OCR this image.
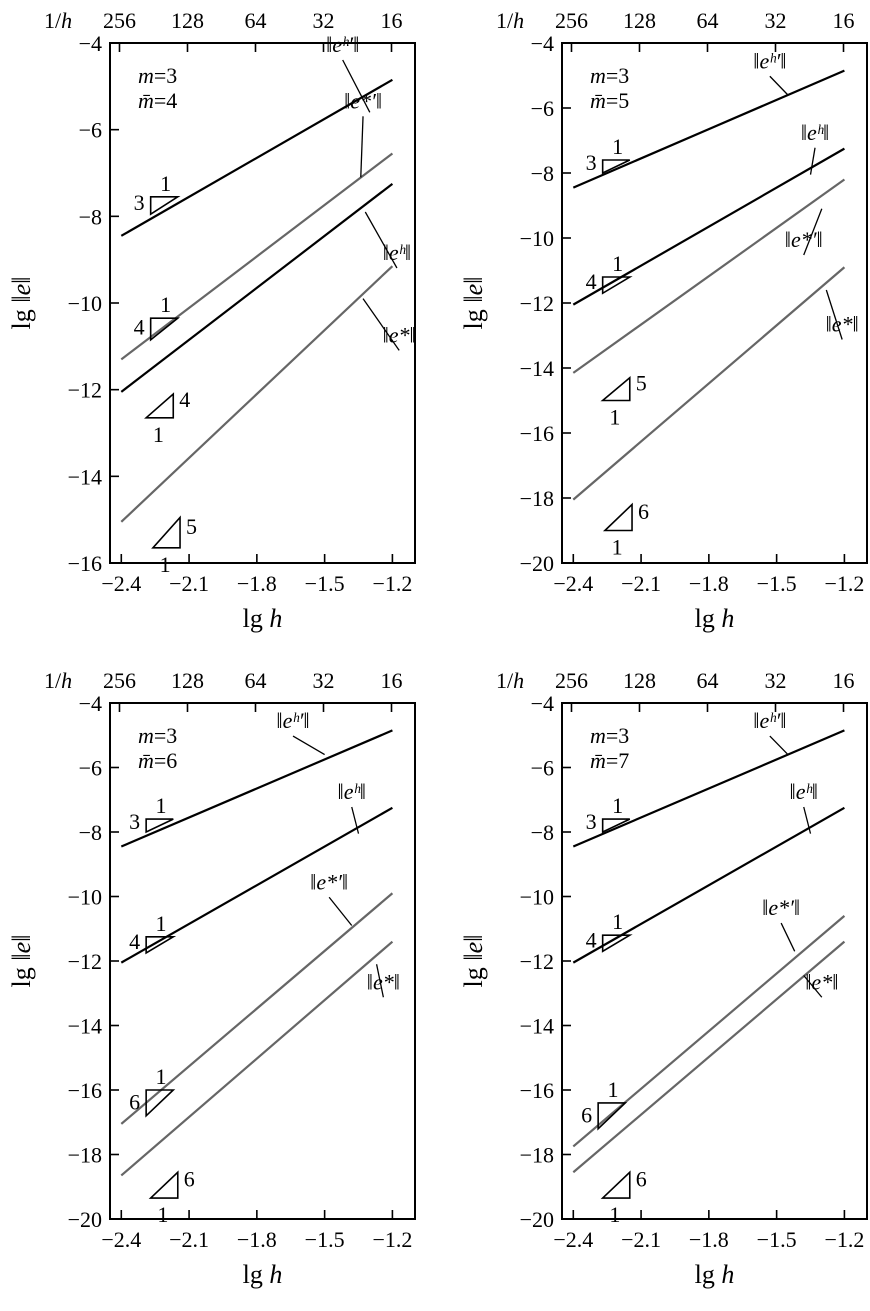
−2.4 −2.1 −1.8 −1.5 −1.2
lg h
−16
−14
−12
−10
−8
−6
−4
lg ‖e‖
256 128 64 32 16
1/h
m=3
m̄=4
‖eʰ′‖
‖e*′‖
‖eʰ‖
‖e*‖
1
3
1
4
1
4
1
5
−2.4 −2.1 −1.8 −1.5 −1.2
lg h
−20
−18
−16
−14
−12
−10
−8
−6
−4
lg ‖e‖
256 128 64 32 16
1/h
m=3
m̄=5
‖eʰ′‖
‖eʰ‖
‖e*′‖
‖e*‖
1
3
1
4
1
5
1
6
−2.4 −2.1 −1.8 −1.5 −1.2
lg h
−20
−18
−16
−14
−12
−10
−8
−6
−4
lg ‖e‖
256 128 64 32 16
1/h
m=3
m̄=6
‖eʰ′‖
‖eʰ‖
‖e*′‖
‖e*‖
1
3
1
4
1
6
1
6
−2.4 −2.1 −1.8 −1.5 −1.2
lg h
−20
−18
−16
−14
−12
−10
−8
−6
−4
lg ‖e‖
256 128 64 32 16
1/h
m=3
m̄=7
‖eʰ′‖
‖eʰ‖
‖e*′‖
‖e*‖
1
3
1
4
1
6
1
6
